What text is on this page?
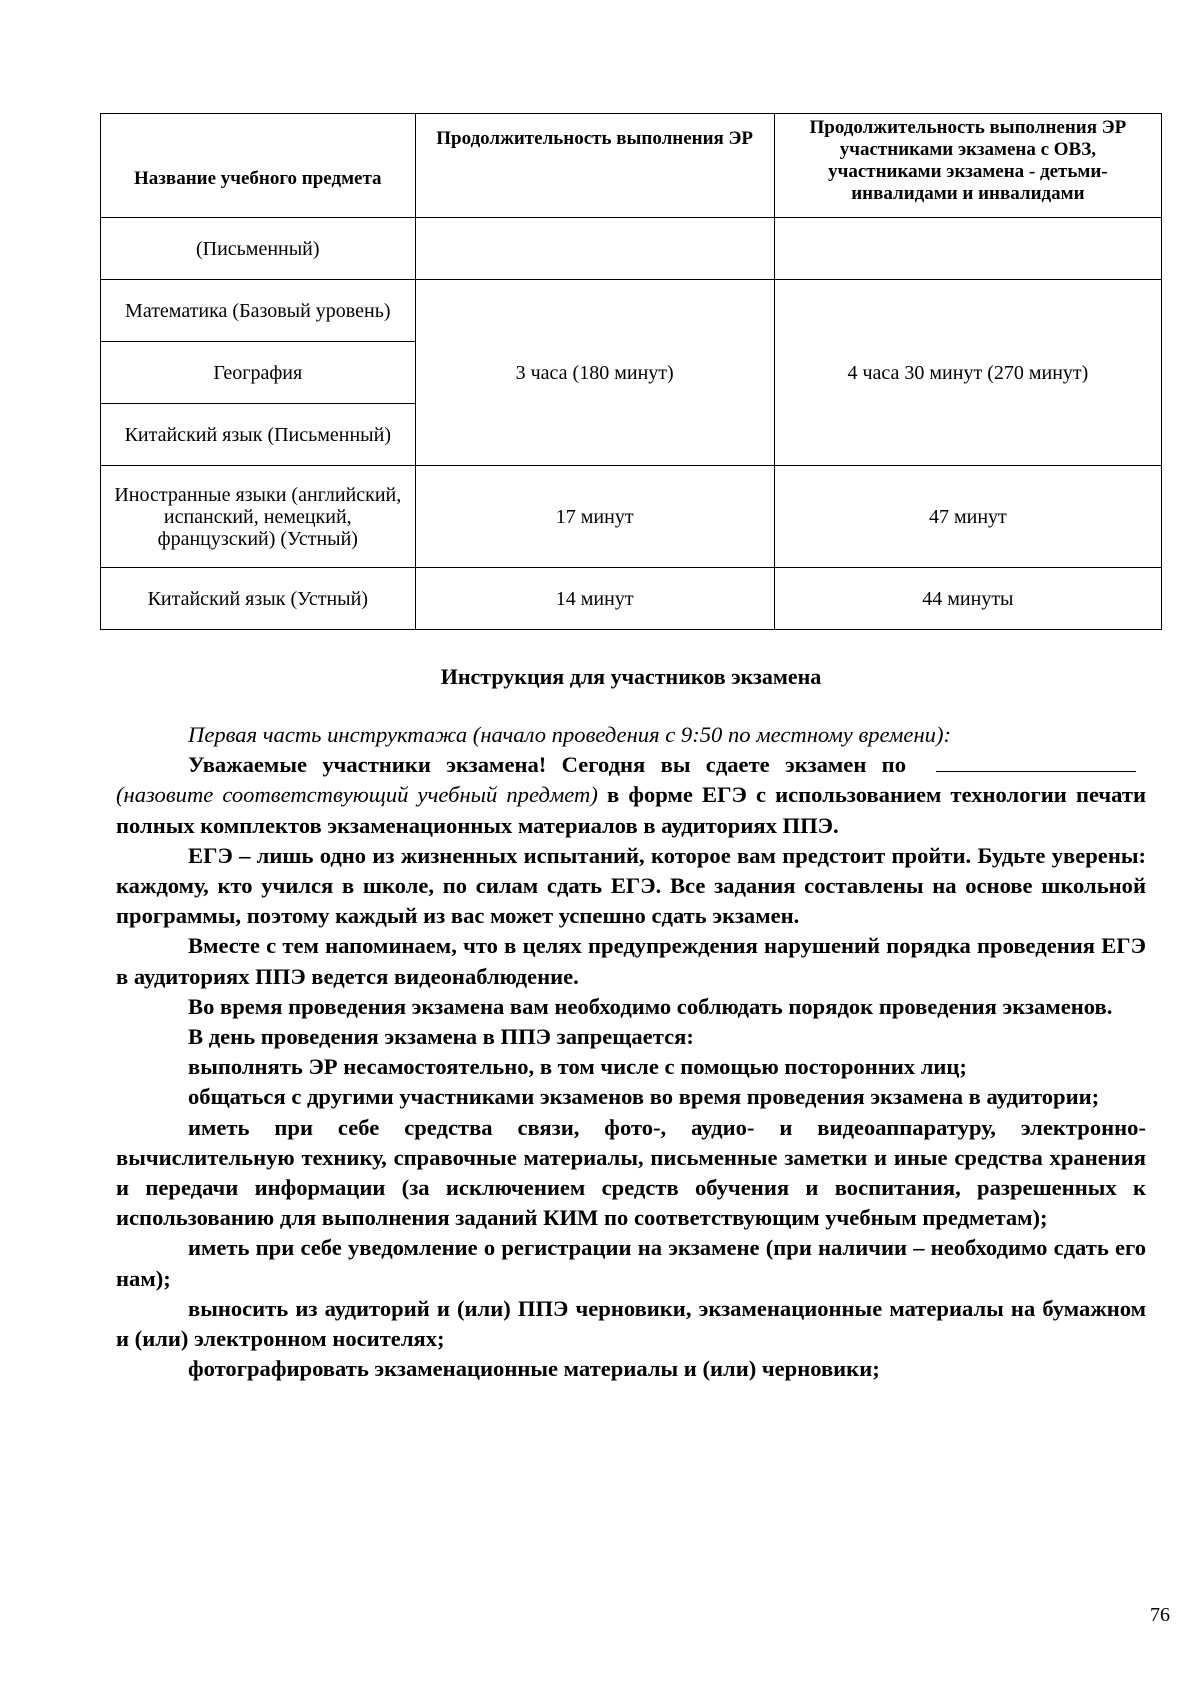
Название учебного предмета	Продолжительность выполнения ЭР	Продолжительность выполнения ЭР участниками экзамена с ОВЗ, участниками экзамена - детьми-инвалидами и инвалидами
(Письменный)		
Математика (Базовый уровень)	3 часа (180 минут)	4 часа 30 минут (270 минут)
География		
Китайский язык (Письменный)		
Иностранные языки (английский, испанский, немецкий, французский) (Устный)	17 минут	47 минут
Китайский язык (Устный)	14 минут	44 минуты
Инструкция для участников экзамена

Первая часть инструктажа (начало проведения с 9:50 по местному времени):

Уважаемые участники экзамена! Сегодня вы сдаете экзамен по(назовите соответствующий учебный предмет) в форме ЕГЭ с использованием технологии печати полных комплектов экзаменационных материалов в аудиториях ППЭ.

ЕГЭ – лишь одно из жизненных испытаний, которое вам предстоит пройти. Будьте уверены: каждому, кто учился в школе, по силам сдать ЕГЭ. Все задания составлены на основе школьной программы, поэтому каждый из вас может успешно сдать экзамен.

Вместе с тем напоминаем, что в целях предупреждения нарушений порядка проведения ЕГЭ в аудиториях ППЭ ведется видеонаблюдение.

Во время проведения экзамена вам необходимо соблюдать порядок проведения экзаменов.

В день проведения экзамена в ППЭ запрещается:

выполнять ЭР несамостоятельно, в том числе с помощью посторонних лиц;

общаться с другими участниками экзаменов во время проведения экзамена в аудитории;

иметь при себе средства связи, фото-, аудио- и видеоаппаратуру, электронно-вычислительную технику, справочные материалы, письменные заметки и иные средства хранения и передачи информации (за исключением средств обучения и воспитания, разрешенных к использованию для выполнения заданий КИМ по соответствующим учебным предметам);

иметь при себе уведомление о регистрации на экзамене (при наличии – необходимо сдать его нам);

выносить из аудиторий и (или) ППЭ черновики, экзаменационные материалы на бумажном и (или) электронном носителях;

фотографировать экзаменационные материалы и (или) черновики;

76
